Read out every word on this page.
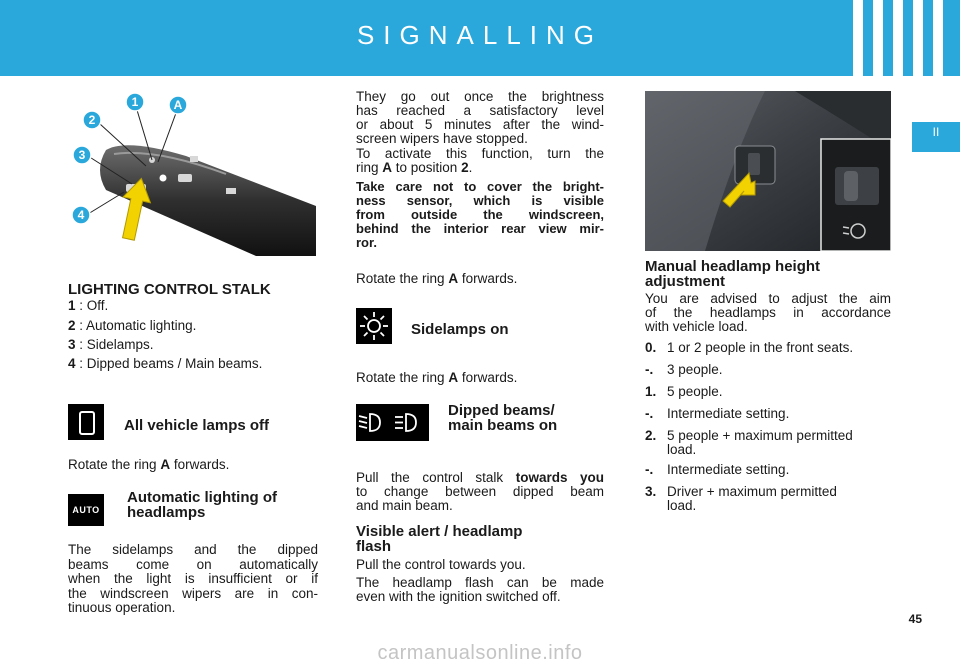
SIGNALLING
II
1	A
2
3
4
LIGHTING CONTROL STALK
1 : Off.
2 : Automatic lighting.
3 : Sidelamps.
4 : Dipped beams / Main beams.
All vehicle lamps off
Rotate the ring A forwards.
AUTO
Automatic lighting of
headlamps
The sidelamps and the dipped
beams come on automatically
when the light is insufficient or if
the windscreen wipers are in con-
tinuous operation.
They go out once the brightness
has reached a satisfactory level
or about 5 minutes after the wind-
screen wipers have stopped.
To activate this function, turn the
ring A to position 2.
Take care not to cover the bright-
ness sensor, which is visible
from outside the windscreen,
behind the interior rear view mir-
ror.
Rotate the ring A forwards.
Sidelamps on
Rotate the ring A forwards.
Dipped beams/
main beams on
Pull the control stalk towards you
to change between dipped beam
and main beam.
Visible alert / headlamp
flash
Pull the control towards you.
The headlamp flash can be made
even with the ignition switched off.
Manual headlamp height
adjustment
You are advised to adjust the aim
of the headlamps in accordance
with vehicle load.
0. 1 or 2 people in the front seats.
-. 3 people.
1. 5 people.
-. Intermediate setting.
2. 5 people + maximum permitted
load.
-. Intermediate setting.
3. Driver + maximum permitted
load.
45
carmanualsonline.info
